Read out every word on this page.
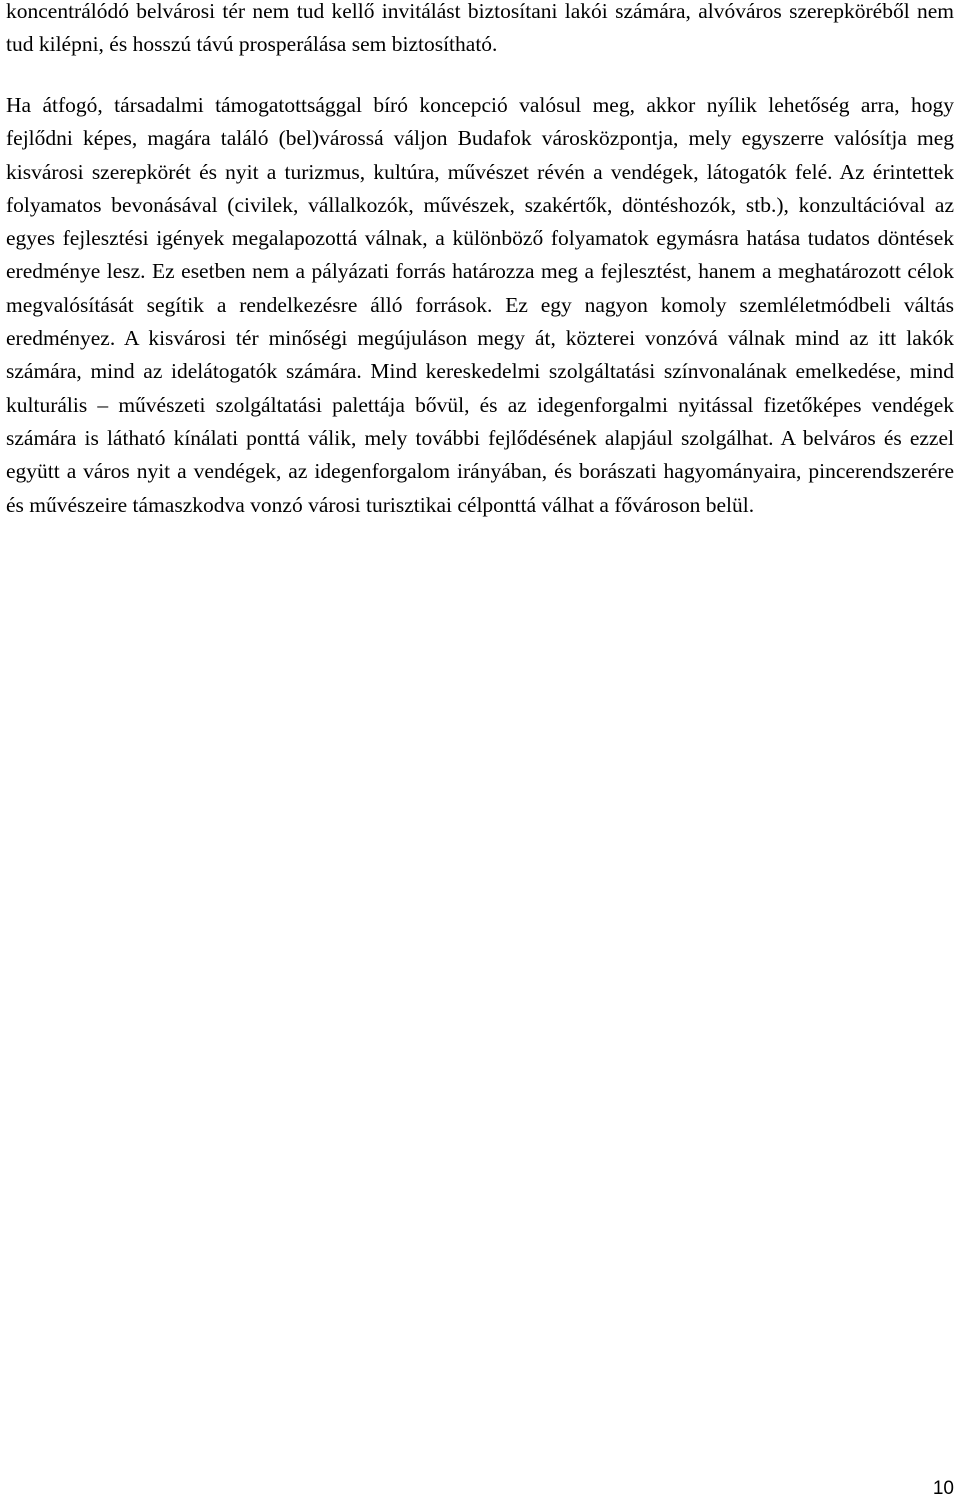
koncentrálódó belvárosi tér nem tud kellő invitálást biztosítani lakói számára, alvóváros szerepköréből nem tud kilépni, és hosszú távú prosperálása sem biztosítható.

Ha átfogó, társadalmi támogatottsággal bíró koncepció valósul meg, akkor nyílik lehetőség arra, hogy fejlődni képes, magára találó (bel)várossá váljon Budafok városközpontja, mely egyszerre valósítja meg kisvárosi szerepkörét és nyit a turizmus, kultúra, művészet révén a vendégek, látogatók felé. Az érintettek folyamatos bevonásával (civilek, vállalkozók, művészek, szakértők, döntéshozók, stb.), konzultációval az egyes fejlesztési igények megalapozottá válnak, a különböző folyamatok egymásra hatása tudatos döntések eredménye lesz. Ez esetben nem a pályázati forrás határozza meg a fejlesztést, hanem a meghatározott célok megvalósítását segítik a rendelkezésre álló források. Ez egy nagyon komoly szemléletmódbeli váltás eredményez. A kisvárosi tér minőségi megújuláson megy át, közterei vonzóvá válnak mind az itt lakók számára, mind az idelátogatók számára. Mind kereskedelmi szolgáltatási színvonalának emelkedése, mind kulturális – művészeti szolgáltatási palettája bővül, és az idegenforgalmi nyitással fizetőképes vendégek számára is látható kínálati ponttá válik, mely további fejlődésének alapjául szolgálhat. A belváros és ezzel együtt a város nyit a vendégek, az idegenforgalom irányában, és borászati hagyományaira, pincerendszerére és művészeire támaszkodva vonzó városi turisztikai célponttá válhat a fővároson belül.

10
